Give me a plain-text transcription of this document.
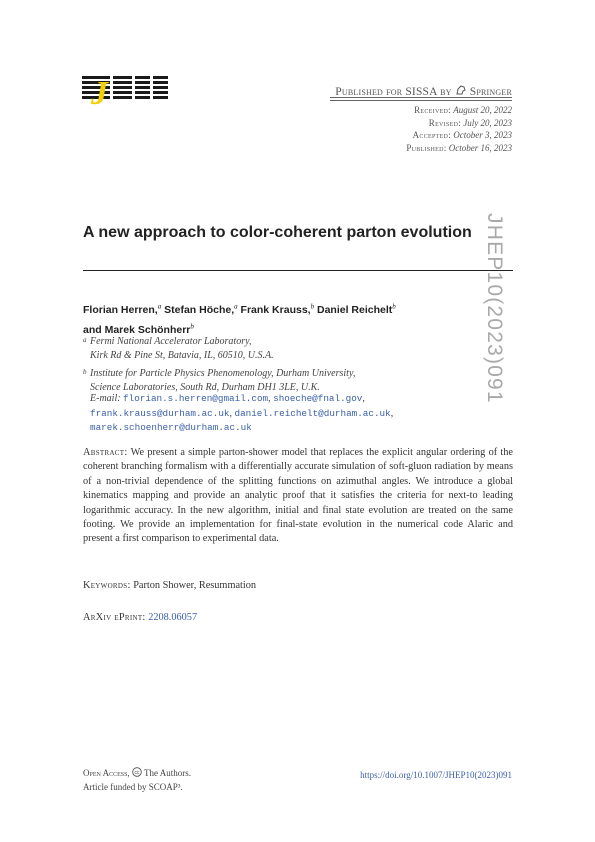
J	Published for SISSA by Springer
Received: August 20, 2022
Revised: July 20, 2023
Accepted: October 3, 2023
Published: October 16, 2023
JHEP10(2023)091
A new approach to color-coherent parton evolution
Florian Herren,$^a$ Stefan Höche,$^a$ Frank Krauss,$^b$ Daniel Reichelt$^b$
and Marek Schönherr$^b$
a Fermi National Accelerator Laboratory,
Kirk Rd & Pine St, Batavia, IL, 60510, U.S.A.
b Institute for Particle Physics Phenomenology, Durham University,
Science Laboratories, South Rd, Durham DH1 3LE, U.K.
E-mail: florian.s.herren@gmail.com, shoeche@fnal.gov,
frank.krauss@durham.ac.uk, daniel.reichelt@durham.ac.uk,
marek.schoenherr@durham.ac.uk
Abstract: We present a simple parton-shower model that replaces the explicit angular ordering of the coherent branching formalism with a differentially accurate simulation of soft-gluon radiation by means of a non-trivial dependence of the splitting functions on azimuthal angles. We introduce a global kinematics mapping and provide an analytic proof that it satisfies the criteria for next-to leading logarithmic accuracy. In the new algorithm, initial and final state evolution are treated on the same footing. We provide an implementation for final-state evolution in the numerical code Alaric and present a first comparison to experimental data.
Keywords: Parton Shower, Resummation
ArXiv ePrint: 2208.06057
Open Access, cc The Authors.
Article funded by SCOAP³.
https://doi.org/10.1007/JHEP10(2023)091
